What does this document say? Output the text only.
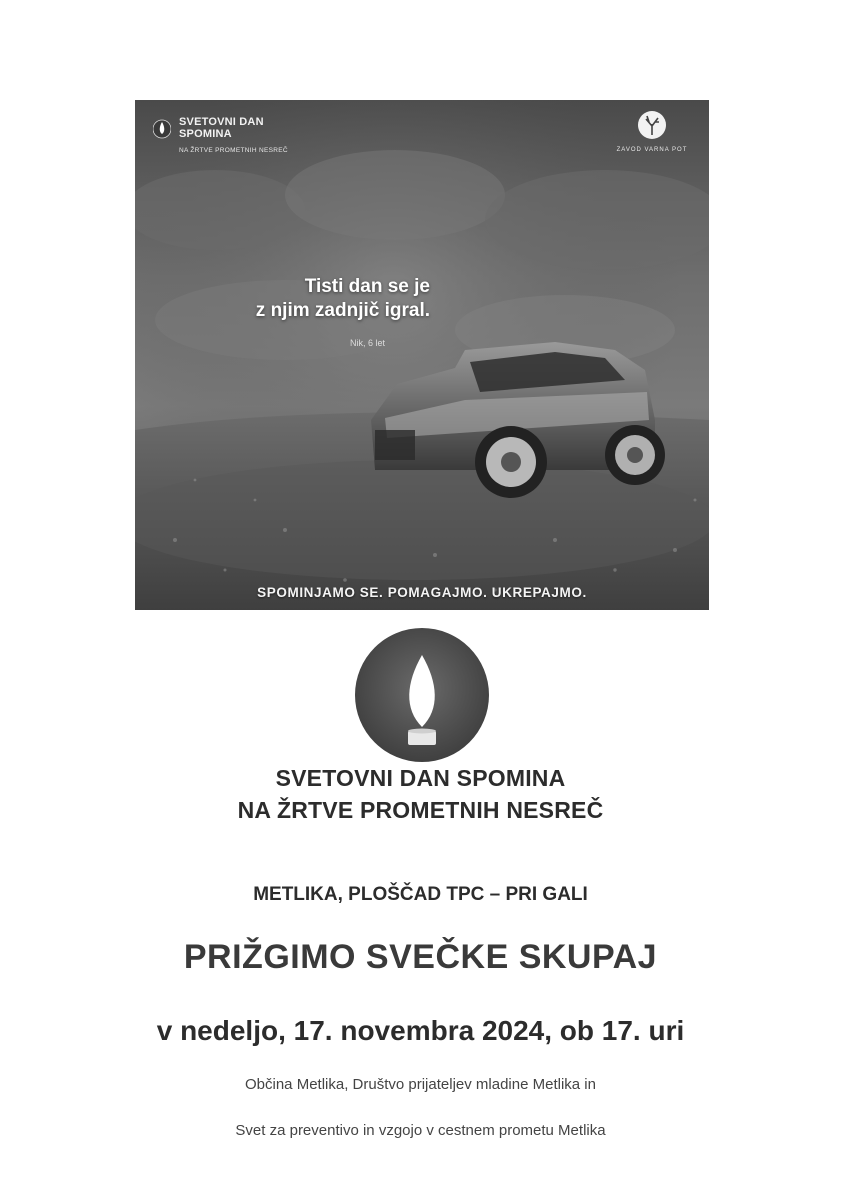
SVETOVNI DAN SPOMINA
NA ŽRTVE PROMETNIH NESREČ	ZAVOD VARNA POT
Tisti dan se je
z njim zadnjič igral.
Nik, 6 let
SPOMINJAMO SE. POMAGAJMO. UKREPAJMO.
SVETOVNI DAN SPOMINA
NA ŽRTVE PROMETNIH NESREČ
METLIKA, PLOŠČAD TPC – PRI GALI
PRIŽGIMO SVEČKE SKUPAJ
v nedeljo, 17. novembra 2024, ob 17. uri
Občina Metlika, Društvo prijateljev mladine Metlika in
Svet za preventivo in vzgojo v cestnem prometu Metlika
